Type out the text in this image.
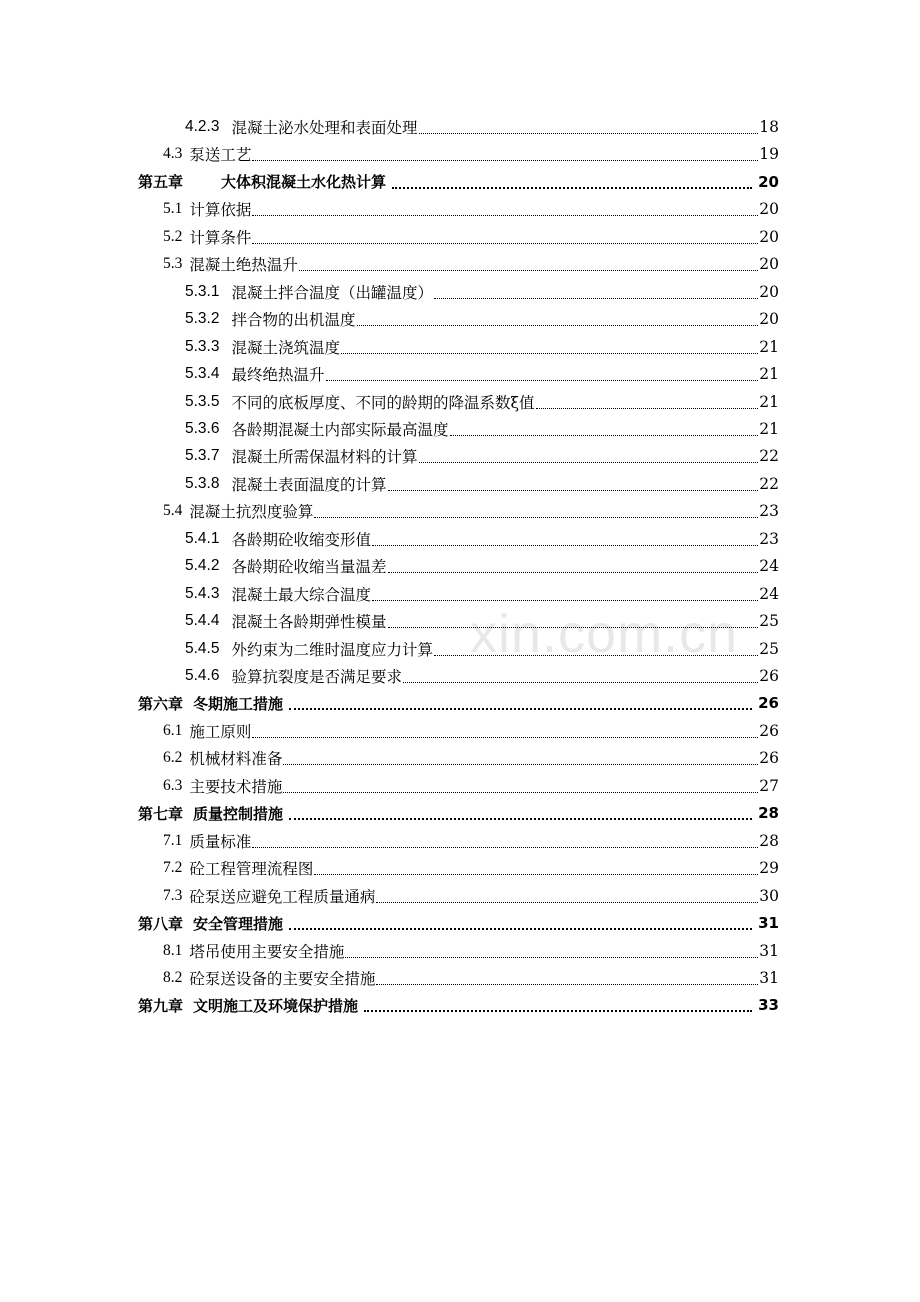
4.2.3 混凝土泌水处理和表面处理	18
4.3 泵送工艺	19
第五章	大体积混凝土水化热计算	20
5.1 计算依据	20
5.2 计算条件	20
5.3 混凝土绝热温升	20
5.3.1 混凝土拌合温度（出罐温度）	20
5.3.2 拌合物的出机温度	20
5.3.3 混凝土浇筑温度	21
5.3.4 最终绝热温升	21
5.3.5 不同的底板厚度、不同的龄期的降温系数ξ值	21
5.3.6 各龄期混凝土内部实际最高温度	21
5.3.7 混凝土所需保温材料的计算	22
5.3.8 混凝土表面温度的计算	22
5.4 混凝土抗烈度验算	23
5.4.1 各龄期砼收缩变形值	23
5.4.2 各龄期砼收缩当量温差	24
5.4.3 混凝土最大综合温度	24
5.4.4 混凝土各龄期弹性模量	25
5.4.5 外约束为二维时温度应力计算	25
5.4.6 验算抗裂度是否满足要求	26
第六章 冬期施工措施	26
6.1 施工原则	26
6.2 机械材料准备	26
6.3 主要技术措施	27
第七章 质量控制措施	28
7.1 质量标准	28
7.2 砼工程管理流程图	29
7.3 砼泵送应避免工程质量通病	30
第八章 安全管理措施	31
8.1 塔吊使用主要安全措施	31
8.2 砼泵送设备的主要安全措施	31
第九章 文明施工及环境保护措施	33
xin.com.cn
